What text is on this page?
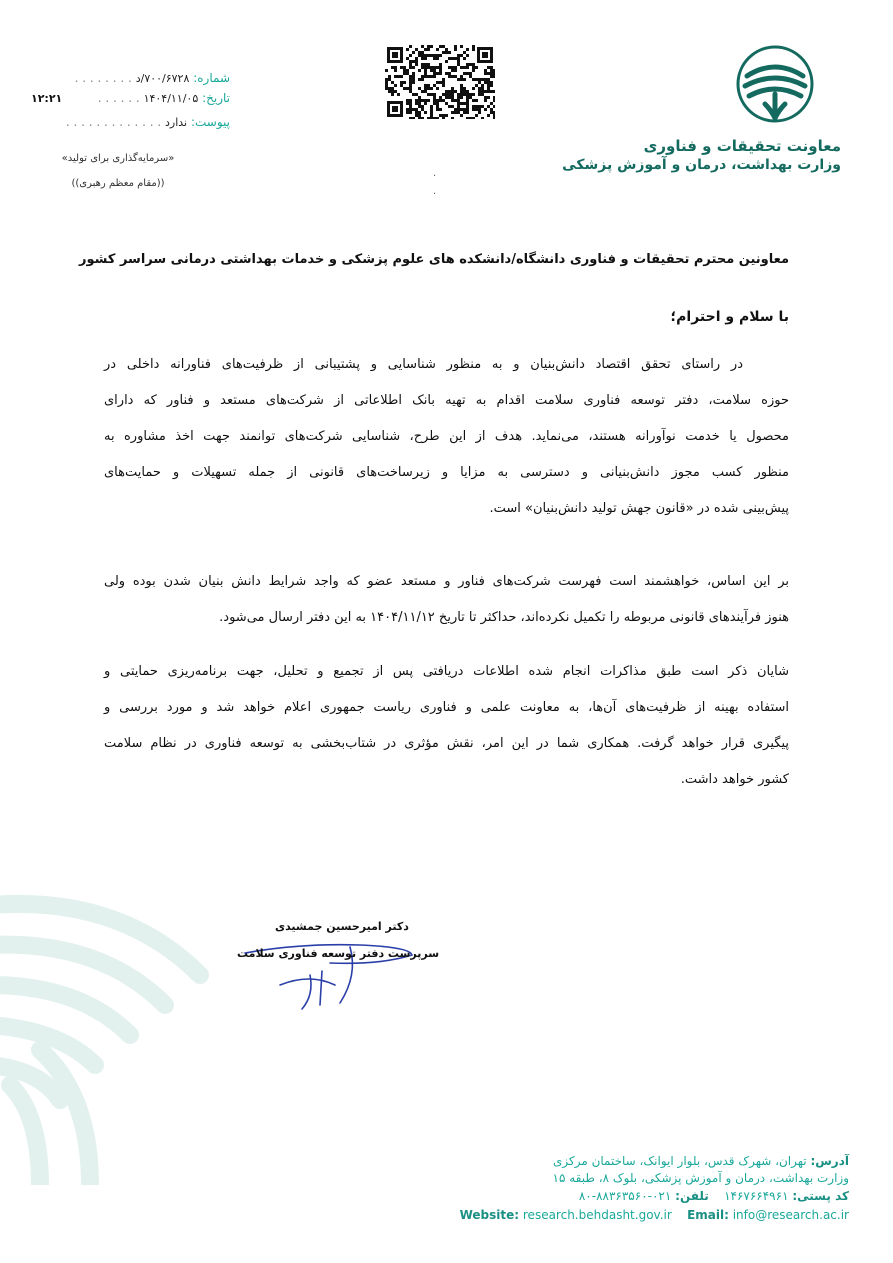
معاونت تحقیقات و فناوری
وزارت بهداشت، درمان و آموزش پزشکی
شماره: ۷۰۰/۶۷۲۸/د . . . . . . . .
تاریخ: ۱۴۰۴/۱۱/۰۵ . . . . . .
۱۲:۲۱
پیوست: ندارد . . . . . . . . . . . . .
«سرمایه‌گذاری برای تولید»
((مقام معظم رهبری))
.
.
معاونین محترم تحقیقات و فناوری دانشگاه/دانشکده های علوم پزشکی و خدمات بهداشتی درمانی سراسر کشور
با سلام و احترام؛
در راستای تحقق اقتصاد دانش‌بنیان و به منظور شناسایی و پشتیبانی از ظرفیت‌های فناورانه داخلی در
حوزه سلامت، دفتر توسعه فناوری سلامت اقدام به تهیه بانک اطلاعاتی از شرکت‌های مستعد و فناور که دارای
محصول یا خدمت نوآورانه هستند، می‌نماید. هدف از این طرح، شناسایی شرکت‌های توانمند جهت اخذ مشاوره به
منظور کسب مجوز دانش‌بنیانی و دسترسی به مزایا و زیرساخت‌های قانونی از جمله تسهیلات و حمایت‌های
پیش‌بینی شده در «قانون جهش تولید دانش‌بنیان» است.
بر این اساس، خواهشمند است فهرست شرکت‌های فناور و مستعد عضو که واجد شرایط دانش بنیان شدن بوده ولی
هنوز فرآیندهای قانونی مربوطه را تکمیل نکرده‌اند، حداکثر تا تاریخ ۱۴۰۴/۱۱/۱۲ به این دفتر ارسال می‌شود.
شایان ذکر است طبق مذاکرات انجام شده اطلاعات دریافتی پس از تجمیع و تحلیل، جهت برنامه‌ریزی حمایتی و
استفاده بهینه از ظرفیت‌های آن‌ها، به معاونت علمی و فناوری ریاست جمهوری اعلام خواهد شد و مورد بررسی و
پیگیری قرار خواهد گرفت. همکاری شما در این امر، نقش مؤثری در شتاب‌بخشی به توسعه فناوری در نظام سلامت
کشور خواهد داشت.
دکتر امیرحسین جمشیدی
سرپرست دفتر توسعه فناوری سلامت
آدرس: تهران، شهرک قدس، بلوار ایوانک، ساختمان مرکزی
وزارت بهداشت، درمان و آموزش پزشکی، بلوک ۸، طبقه ۱۵
کد پستی: ۱۴۶۷۶۶۴۹۶۱    تلفن: ۰۲۱-۸۸۳۶۳۵۶۰-۸۰
Website: research.behdasht.gov.ir Email: info@research.ac.ir
